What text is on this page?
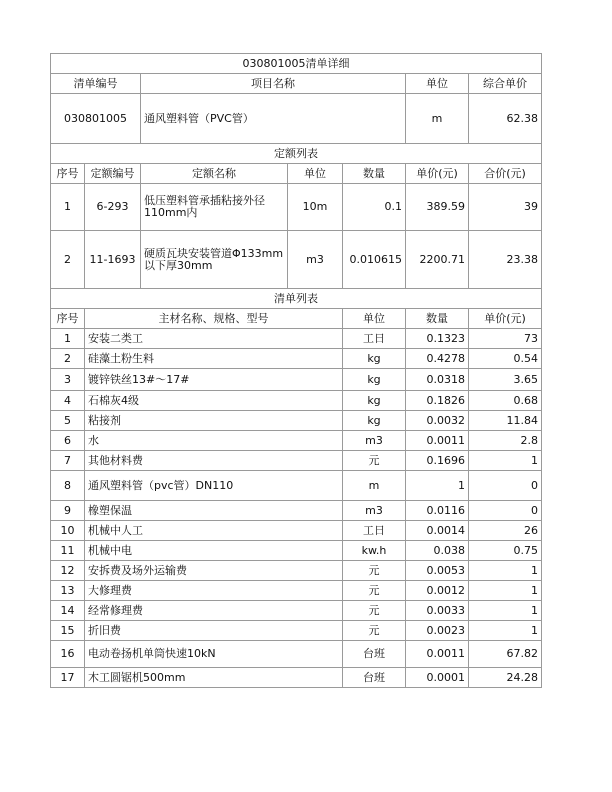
030801005清单详细							
清单编号		项目名称			单位	综合单价	
030801005		通风塑料管（PVC管）			m	62.38	
定额列表							
序号	定额编号	定额名称	单位	数量	单价(元)	合价(元)	
1	6-293	低压塑料管承插粘接外径110mm内	10m	0.1	389.59	39	
2	11-1693	硬质瓦块安装管道Φ133mm以下厚30mm	m3	0.010615	2200.71	23.38	
清单列表							
序号	主材名称、规格、型号			单位	数量	单价(元)	
1	安装二类工			工日	0.1323	73	
2	硅藻土粉生料			kg	0.4278	0.54	
3	镀锌铁丝13#～17#			kg	0.0318	3.65	
4	石棉灰4级			kg	0.1826	0.68	
5	粘接剂			kg	0.0032	11.84	
6	水			m3	0.0011	2.8	
7	其他材料费			元	0.1696	1	
8	通风塑料管（pvc管）DN110			m	1	0	
9	橡塑保温			m3	0.0116	0	
10	机械中人工			工日	0.0014	26	
11	机械中电			kw.h	0.038	0.75	
12	安拆费及场外运输费			元	0.0053	1	
13	大修理费			元	0.0012	1	
14	经常修理费			元	0.0033	1	
15	折旧费			元	0.0023	1	
16	电动卷扬机单筒快速10kN			台班	0.0011	67.82	
17	木工圆锯机500mm			台班	0.0001	24.28	
